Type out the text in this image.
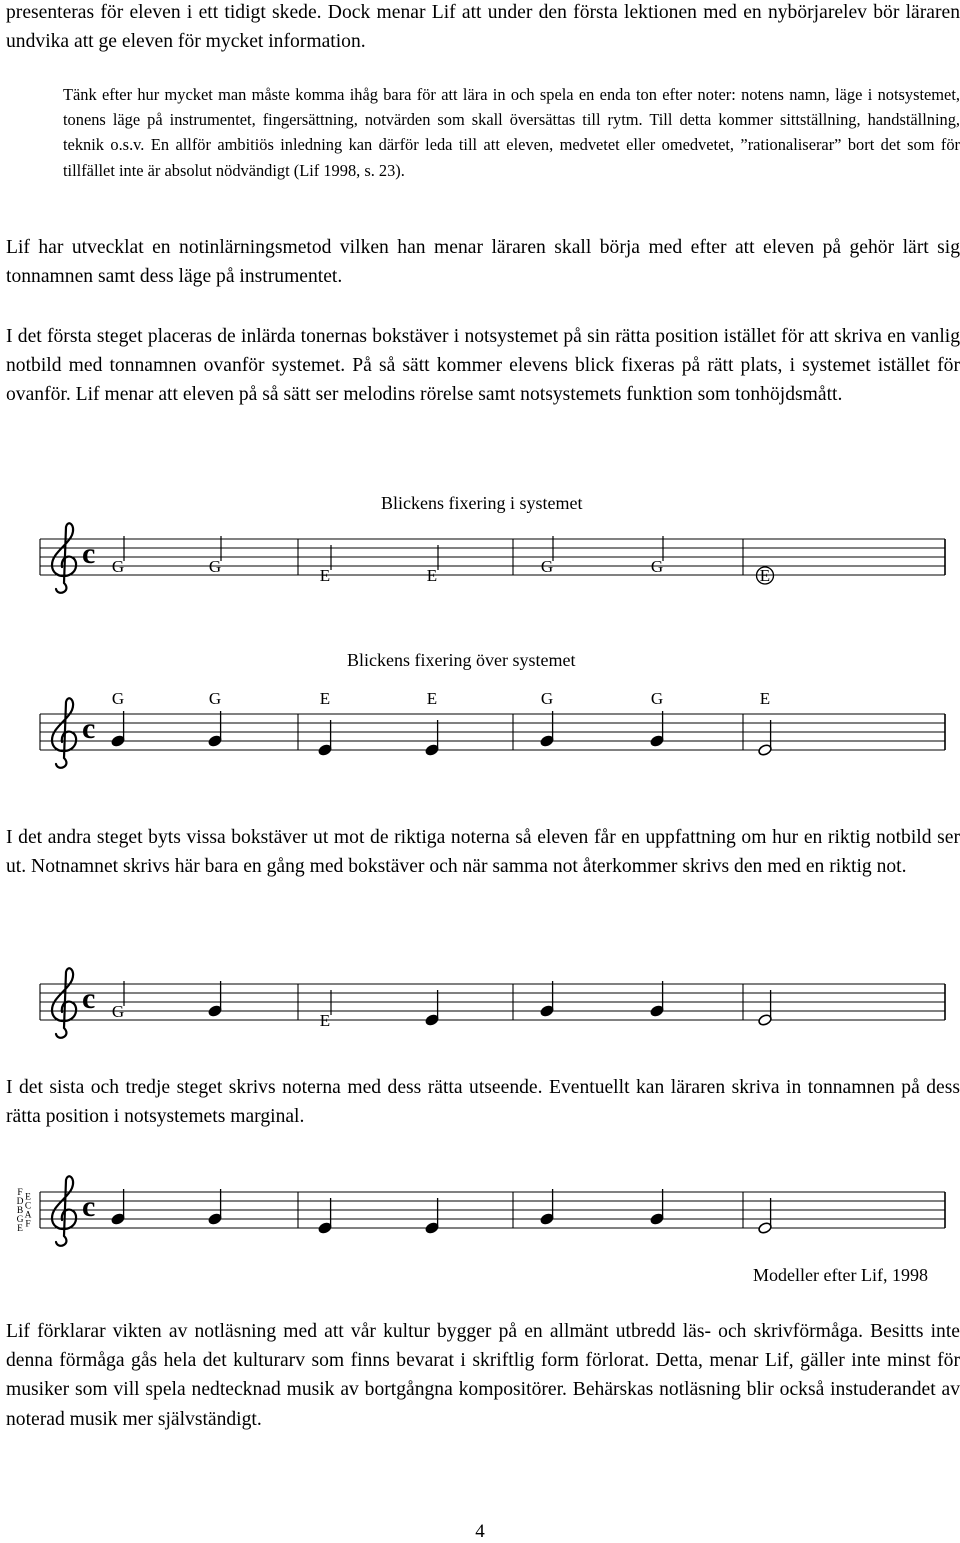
presenteras för eleven i ett tidigt skede. Dock menar Lif att under den första lektionen med en nybörjarelev bör läraren undvika att ge eleven för mycket information.

Tänk efter hur mycket man måste komma ihåg bara för att lära in och spela en enda ton efter noter: notens namn, läge i notsystemet, tonens läge på instrumentet, fingersättning, notvärden som skall översättas till rytm. Till detta kommer sittställning, handställning, teknik o.s.v. En allför ambitiös inledning kan därför leda till att eleven, medvetet eller omedvetet, ”rationaliserar” bort det som för tillfället inte är absolut nödvändigt (Lif 1998, s. 23).

Lif har utvecklat en notinlärningsmetod vilken han menar läraren skall börja med efter att eleven på gehör lärt sig tonnamnen samt dess läge på instrumentet.

I det första steget placeras de inlärda tonernas bokstäver i notsystemet på sin rätta position istället för att skriva en vanlig notbild med tonnamnen ovanför systemet. På så sätt kommer elevens blick fixeras på rätt plats, i systemet istället för ovanför. Lif menar att eleven på så sätt ser melodins rörelse samt notsystemets funktion som tonhöjdsmått.

Blickens fixering i systemet
c G	G	E	E	G	G	E
Blickens fixering över systemet
c
G	G	E	E	G	G	E

I det andra steget byts vissa bokstäver ut mot de riktiga noterna så eleven får en uppfattning om hur en riktig notbild ser ut. Notnamnet skrivs här bara en gång med bokstäver och när samma not återkommer skrivs den med en riktig not.

c G	E

I det sista och tredje steget skrivs noterna med dess rätta utseende. Eventuellt kan läraren skriva in tonnamnen på dess rätta position i notsystemets marginal.

c
F E
D C
B A
G F
E
Modeller efter Lif, 1998

Lif förklarar vikten av notläsning med att vår kultur bygger på en allmänt utbredd läs- och skrivförmåga. Besitts inte denna förmåga gås hela det kulturarv som finns bevarat i skriftlig form förlorat. Detta, menar Lif, gäller inte minst för musiker som vill spela nedtecknad musik av bortgångna kompositörer. Behärskas notläsning blir också instuderandet av noterad musik mer självständigt.

4
